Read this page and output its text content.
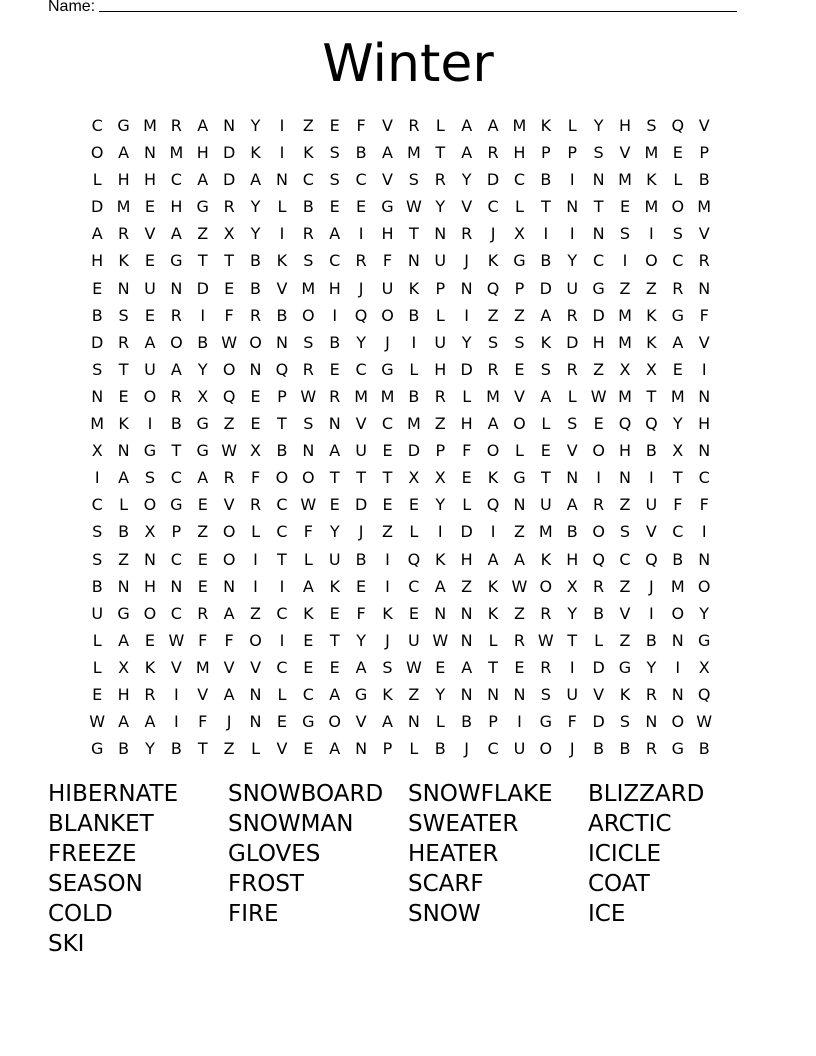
Name:
Winter
C G M R A N Y	I	Z E	F	V R	L	A A M K	L	Y H S Q V
O A N M H D K	I	K	S B A M T	A R H P	P	S V M E	P
L H H C A D A N C S C V S R Y D C B	I	N M K	L	B
D M E H G R Y	L	B E	E G W Y	V C	L	T N T	E M O M
A R V A Z X	Y	I	R A	I	H T N R	J	X	I	I	N S	I	S V
H K	E G T	T	B K	S C R	F N U	J	K G B	Y C	I	O C R
E N U N D E B V M H	J	U K	P N Q P D U G Z Z R N
B S	E R	I	F	R B O	I	Q O B	L	I	Z Z A R D M K G F
D R A O B W O N S B	Y	J	I	U Y	S	S	K D H M K A V
S	T U A	Y O N Q R E C G L H D R E	S R Z X X E	I
N E O R X Q E	P W R M M B R	L M V A	L W M T M N
M K	I	B G Z E	T	S N V C M Z H A O L	S	E Q Q Y H
X N G T G W X B N A U E D P	F O L	E V O H B X N
I	A S C A R	F O O T	T	T	X X E	K G T N	I	N	I	T C
C	L O G E V R C W E D E	E	Y	L Q N U A R Z U F	F
S B X	P	Z O L	C	F	Y	J	Z	L	I	D	I	Z M B O S V C	I
S Z N C E O	I	T	L	U B	I	Q K H A A K H Q C Q B N
B N H N E N	I	I	A K	E	I	C A Z K W O X R Z	J	M O
U G O C R A Z C K	E	F	K	E N N K Z R Y	B V	I	O Y
L	A E W F	F O	I	E	T	Y	J	U W N L	R W T	L	Z B N G
L	X K V M V V C E	E A S W E A	T	E R	I	D G Y	I	X
E H R	I	V A N L	C A G K Z	Y N N N S U V K R N Q
W A A	I	F	J	N E G O V A N L	B	P	I	G F D S N O W
G B	Y	B	T	Z	L	V E A N P	L	B	J	C U O	J	B B R G B
HIBERNATE	SNOWBOARD	SNOWFLAKE	BLIZZARD
BLANKET	SNOWMAN	SWEATER	ARCTIC
FREEZE	GLOVES	HEATER	ICICLE
SEASON	FROST	SCARF	COAT
COLD	FIRE	SNOW	ICE
SKI
